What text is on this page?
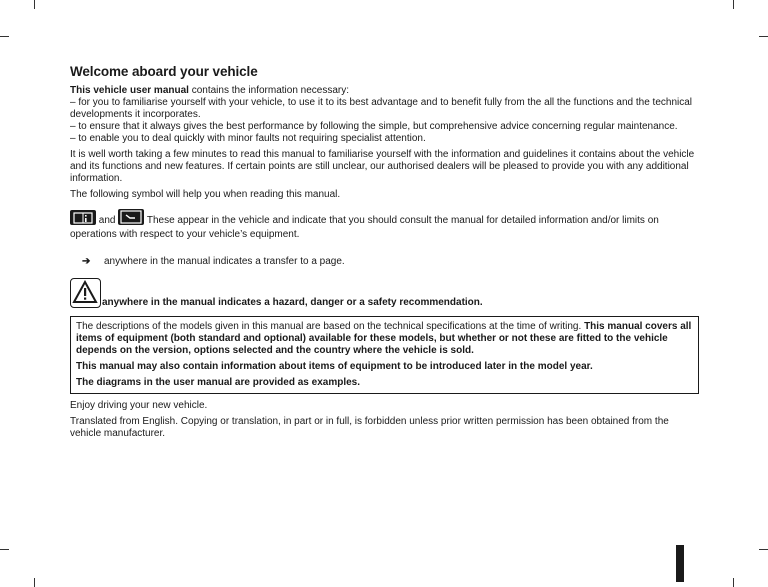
Welcome aboard your vehicle

This vehicle user manual contains the information necessary:

– for you to familiarise yourself with your vehicle, to use it to its best advantage and to benefit fully from the all the functions and the technical developments it incorporates.

– to ensure that it always gives the best performance by following the simple, but comprehensive advice concerning regular maintenance.

– to enable you to deal quickly with minor faults not requiring specialist attention.

It is well worth taking a few minutes to read this manual to familiarise yourself with the information and guidelines it contains about the vehicle and its functions and new features. If certain points are still unclear, our authorised dealers will be pleased to provide you with any additional information.

The following symbol will help you when reading this manual.

and	These appear in the vehicle and indicate that you should consult the manual for detailed information and/or limits on operations with respect to your vehicle’s equipment.
➔ anywhere in the manual indicates a transfer to a page.
anywhere in the manual indicates a hazard, danger or a safety recommendation.

The descriptions of the models given in this manual are based on the technical specifications at the time of writing. This manual covers all items of equipment (both standard and optional) available for these models, but whether or not these are fitted to the vehicle depends on the version, options selected and the country where the vehicle is sold.

This manual may also contain information about items of equipment to be introduced later in the model year.

The diagrams in the user manual are provided as examples.

Enjoy driving your new vehicle.

Translated from English. Copying or translation, in part or in full, is forbidden unless prior written permission has been obtained from the vehicle manufacturer.
